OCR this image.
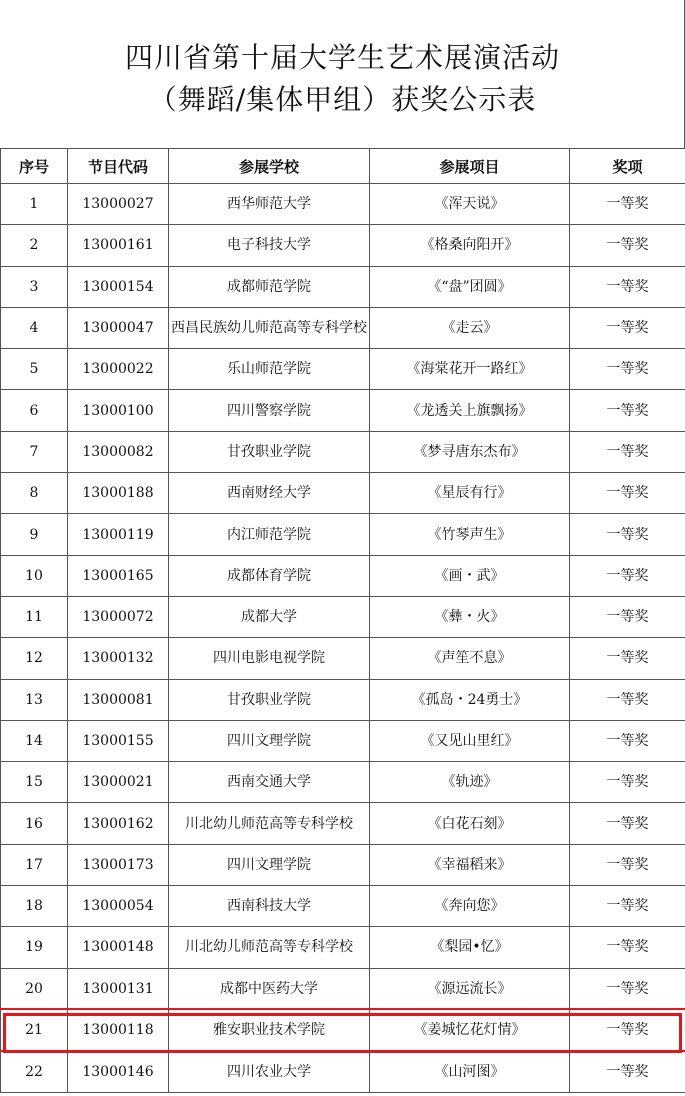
四川省第十届大学生艺术展演活动
（舞蹈/集体甲组）获奖公示表
序号	节目代码	参展学校	参展项目	奖项
1	13000027	西华师范大学	《浑天说》	一等奖
2	13000161	电子科技大学	《格桑向阳开》	一等奖
3	13000154	成都师范学院	《“盘”团圆》	一等奖
4	13000047	西昌民族幼儿师范高等专科学校	《走云》	一等奖
5	13000022	乐山师范学院	《海棠花开一路红》	一等奖
6	13000100	四川警察学院	《龙透关上旗飘扬》	一等奖
7	13000082	甘孜职业学院	《梦寻唐东杰布》	一等奖
8	13000188	西南财经大学	《星辰有行》	一等奖
9	13000119	内江师范学院	《竹琴声生》	一等奖
10	13000165	成都体育学院	《画・武》	一等奖
11	13000072	成都大学	《彝・火》	一等奖
12	13000132	四川电影电视学院	《声笙不息》	一等奖
13	13000081	甘孜职业学院	《孤岛・24勇士》	一等奖
14	13000155	四川文理学院	《又见山里红》	一等奖
15	13000021	西南交通大学	《轨迹》	一等奖
16	13000162	川北幼儿师范高等专科学校	《白花石刻》	一等奖
17	13000173	四川文理学院	《幸福稻来》	一等奖
18	13000054	西南科技大学	《奔向您》	一等奖
19	13000148	川北幼儿师范高等专科学校	《梨园•忆》	一等奖
20	13000131	成都中医药大学	《源远流长》	一等奖
21	13000118	雅安职业技术学院	《姜城忆花灯情》	一等奖
22	13000146	四川农业大学	《山河图》	一等奖
